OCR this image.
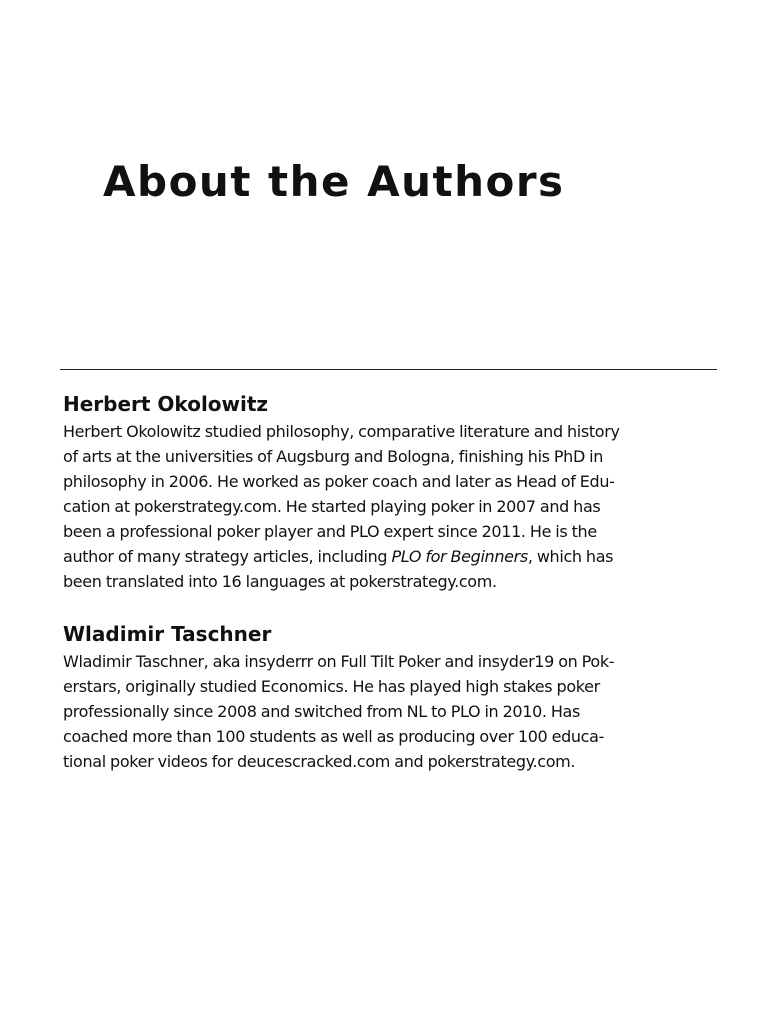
About the Authors
Herbert Okolowitz
Herbert Okolowitz studied philosophy, comparative literature and history
of arts at the universities of Augsburg and Bologna, finishing his PhD in
philosophy in 2006. He worked as poker coach and later as Head of Edu-
cation at pokerstrategy.com. He started playing poker in 2007 and has
been a professional poker player and PLO expert since 2011. He is the
author of many strategy articles, including PLO for Beginners, which has
been translated into 16 languages at pokerstrategy.com.
Wladimir Taschner
Wladimir Taschner, aka insyderrr on Full Tilt Poker and insyder19 on Pok-
erstars, originally studied Economics. He has played high stakes poker
professionally since 2008 and switched from NL to PLO in 2010. Has
coached more than 100 students as well as producing over 100 educa-
tional poker videos for deucescracked.com and pokerstrategy.com.
